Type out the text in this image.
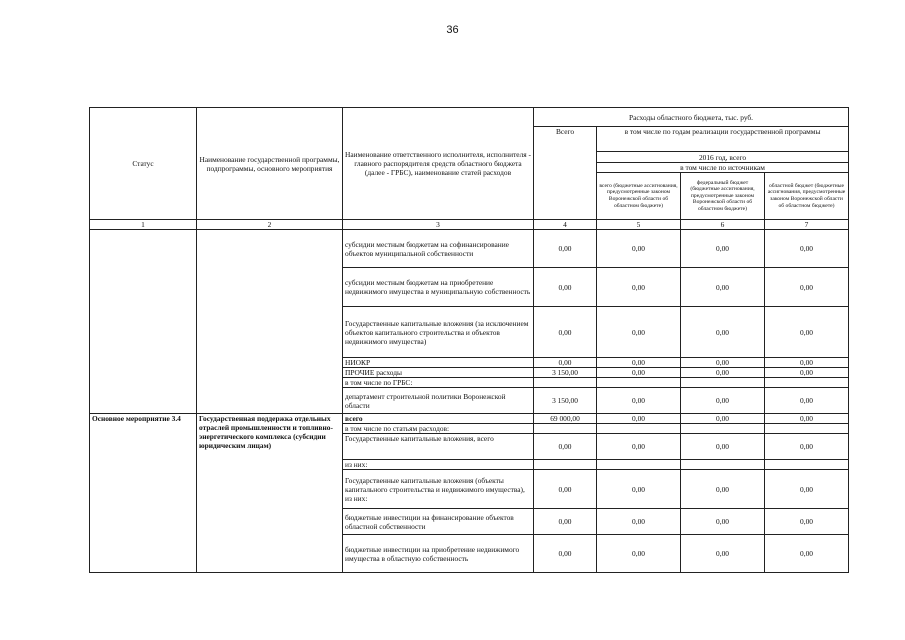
36
Статус	Наименование государственной программы, подпрограммы, основного мероприятия	Наименование ответственного исполнителя, исполнителя - главного распорядителя средств областного бюджета (далее - ГРБС), наименование статей расходов	Расходы областного бюджета, тыс. руб.			
			Всего	в том числе по годам реализации государственной программы		
				2016 год, всего		
				в том числе по источникам		
				всего (бюджетные ассигнования, предусмотренные законом Воронежской области об областном бюджете)	федеральный бюджет (бюджетные ассигнования, предусмотренные законом Воронежской области об областном бюджете)	областной бюджет (бюджетные ассигнования, предусмотренные законом Воронежской области об областном бюджете)
1	2	3	4	5	6	7
		субсидии местным бюджетам на софинансирование объектов муниципальной собственности	0,00	0,00	0,00	0,00
		субсидии местным бюджетам на приобретение недвижимого имущества в муниципальную собственность	0,00	0,00	0,00	0,00
		Государственные капитальные вложения (за исключением объектов капитального строительства и объектов недвижимого имущества)	0,00	0,00	0,00	0,00
		НИОКР	0,00	0,00	0,00	0,00
		ПРОЧИЕ расходы	3 150,00	0,00	0,00	0,00
		в том числе по ГРБС:				
		департамент строительной политики Воронежской области	3 150,00	0,00	0,00	0,00
Основное мероприятие 3.4	Государственная поддержка отдельных отраслей промышленности и топливно-энергетического комплекса (субсидии юридическим лицам)	всего	69 000,00	0,00	0,00	0,00
		в том числе по статьям расходов:				
		Государственные капитальные вложения, всего	0,00	0,00	0,00	0,00
		из них:				
		Государственные капитальные вложения (объекты капитального строительства и недвижимого имущества), из них:	0,00	0,00	0,00	0,00
		бюджетные инвестиции на финансирование объектов областной собственности	0,00	0,00	0,00	0,00
		бюджетные инвестиции на приобретение недвижимого имущества в областную собственность	0,00	0,00	0,00	0,00
